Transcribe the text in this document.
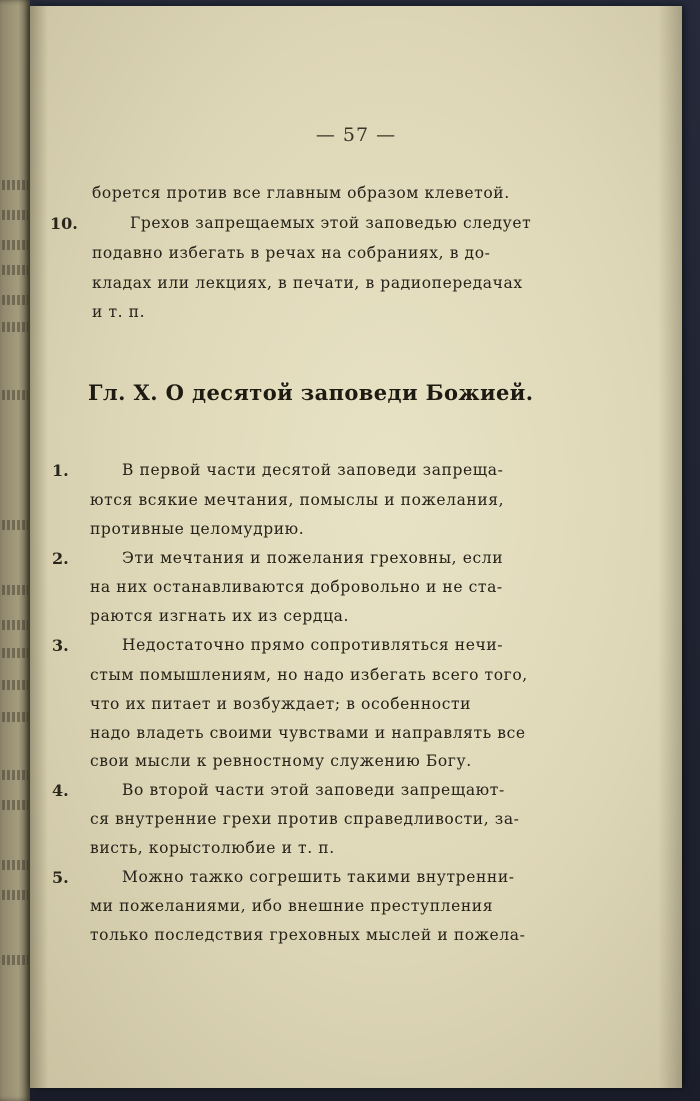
— 57 —
борется против все главным образом клеветой.
10.	Грехов запрещаемых этой заповедью следует
подавно избегать в речах на собраниях, в до-
кладах или лекциях, в печати, в радиопередачах
и т. п.
Гл. X. О десятой заповеди Божией.
1.	В первой части десятой заповеди запреща-
ются всякие мечтания, помыслы и пожелания,
противные целомудрию.
2.	Эти мечтания и пожелания греховны, если
на них останавливаются добровольно и не ста-
раются изгнать их из сердца.
3.	Недостаточно прямо сопротивляться нечи-
стым помышлениям, но надо избегать всего того,
что их питает и возбуждает; в особенности
надо владеть своими чувствами и направлять все
свои мысли к ревностному служению Богу.
4.	Во второй части этой заповеди запрещают-
ся внутренние грехи против справедливости, за-
висть, корыстолюбие и т. п.
5.	Можно тажко согрешить такими внутренни-
ми пожеланиями, ибо внешние преступления
только последствия греховных мыслей и пожела-
